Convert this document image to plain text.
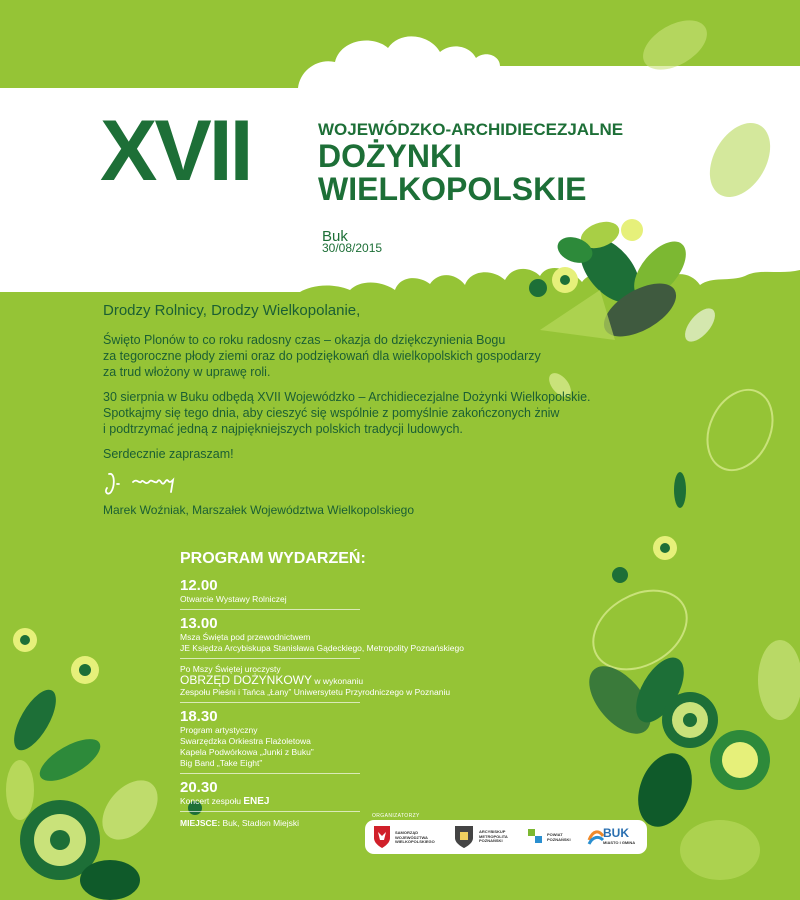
XVII	WOJEWÓDZKO-ARCHIDIECEZJALNE
DOŻYNKI
WIELKOPOLSKIE
Buk
30/08/2015
Drodzy Rolnicy, Drodzy Wielkopolanie,

Święto Plonów to co roku radosny czas – okazja do dziękczynienia Bogu
za tegoroczne płody ziemi oraz do podziękowań dla wielkopolskich gospodarzy
za trud włożony w uprawę roli.

30 sierpnia w Buku odbędą XVII Wojewódzko – Archidiecezjalne Dożynki Wielkopolskie.
Spotkajmy się tego dnia, aby cieszyć się wspólnie z pomyślnie zakończonych żniw
i podtrzymać jedną z najpiękniejszych polskich tradycji ludowych.

Serdecznie zapraszam!

Marek Woźniak, Marszałek Województwa Wielkopolskiego
PROGRAM WYDARZEŃ:
12.00
Otwarcie Wystawy Rolniczej
13.00
Msza Święta pod przewodnictwem
JE Księdza Arcybiskupa Stanisława Gądeckiego, Metropolity Poznańskiego
Po Mszy Świętej uroczysty
OBRZĘD DOŻYNKOWY w wykonaniu
Zespołu Pieśni i Tańca „Łany” Uniwersytetu Przyrodniczego w Poznaniu
18.30
Program artystyczny
Swarzędzka Orkiestra Flażoletowa
Kapela Podwórkowa „Junki z Buku”
Big Band „Take Eight”
20.30
Koncert zespołu ENEJ
MIEJSCE: Buk, Stadion Miejski
ORGANIZATORZY
SAMORZĄD WOJEWÓDZTWA WIELKOPOLSKIEGO
ARCYBISKUP METROPOLITA POZNAŃSKI
POWIAT POZNAŃSKI	BUK
MIASTO I GMINA
